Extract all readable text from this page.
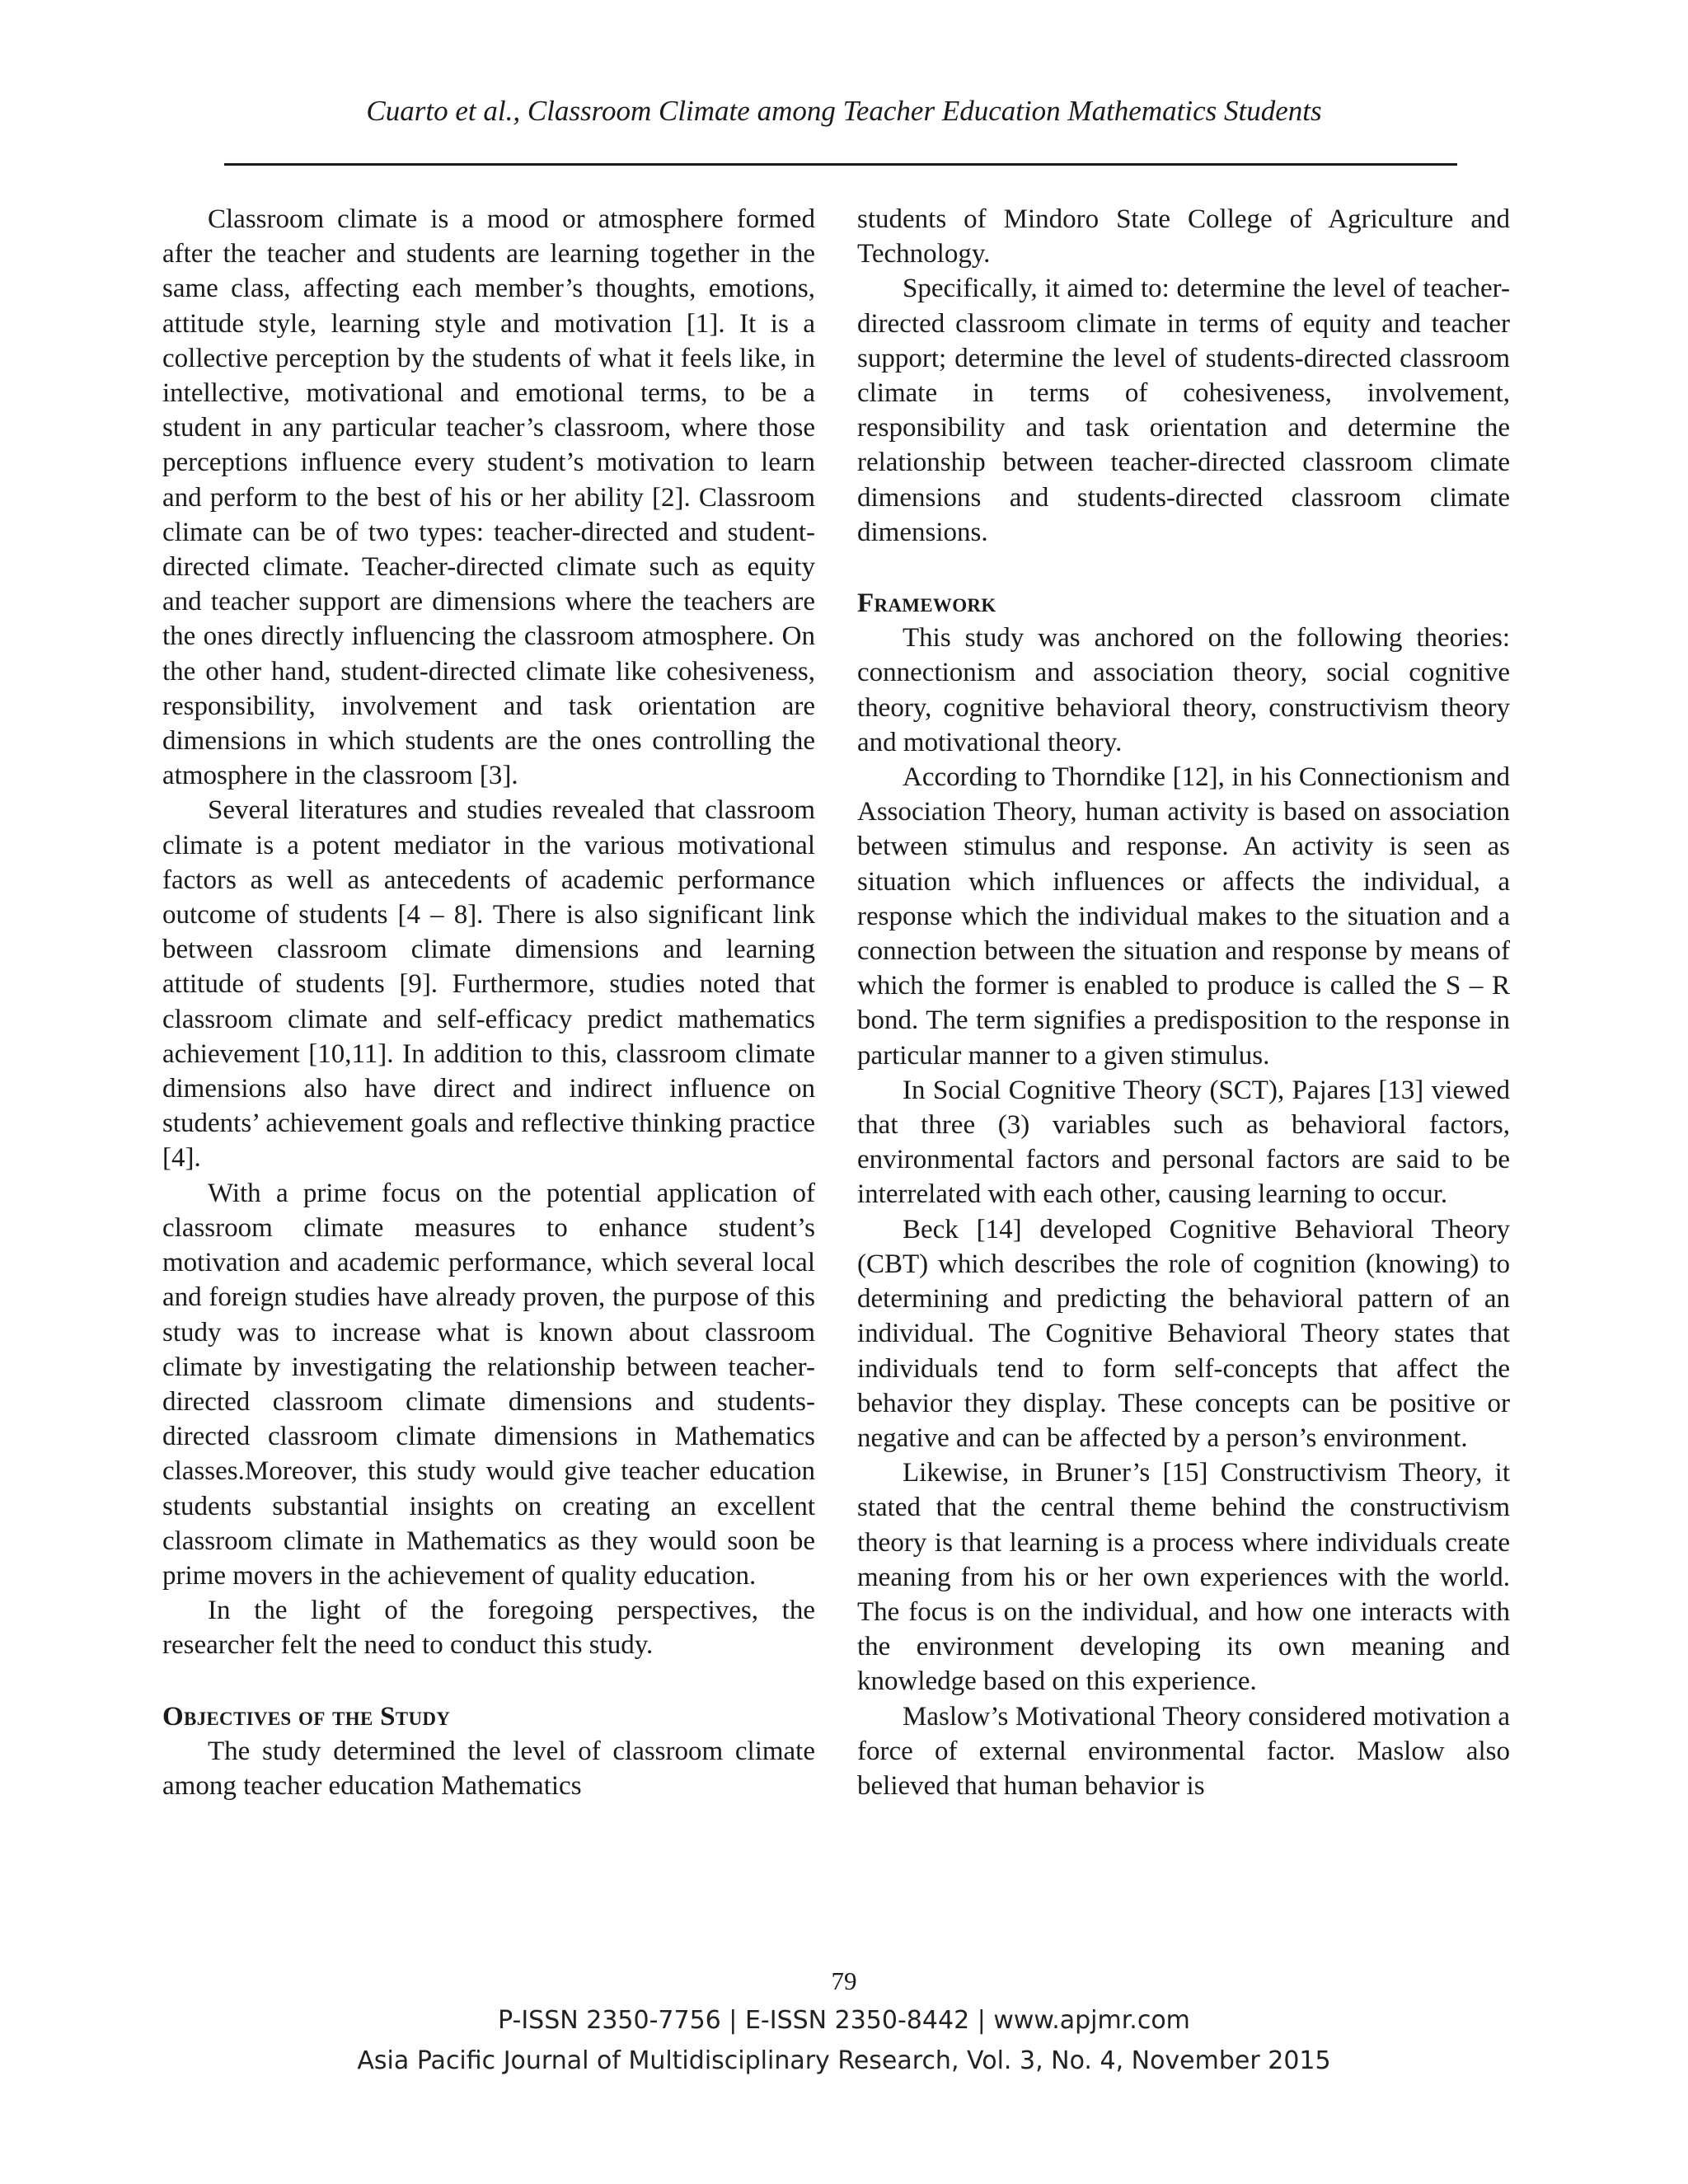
Cuarto et al., Classroom Climate among Teacher Education Mathematics Students

Classroom climate is a mood or atmosphere formed after the teacher and students are learning together in the same class, affecting each member’s thoughts, emotions, attitude style, learning style and motivation [1]. It is a collective perception by the students of what it feels like, in intellective, motivational and emotional terms, to be a student in any particular teacher’s classroom, where those perceptions influence every student’s motivation to learn and perform to the best of his or her ability [2]. Classroom climate can be of two types: teacher-directed and student-directed climate. Teacher-directed climate such as equity and teacher support are dimensions where the teachers are the ones directly influencing the classroom atmosphere. On the other hand, student-directed climate like cohesiveness, responsibility, involvement and task orientation are dimensions in which students are the ones controlling the atmosphere in the classroom [3].

Several literatures and studies revealed that classroom climate is a potent mediator in the various motivational factors as well as antecedents of academic performance outcome of students [4 – 8]. There is also significant link between classroom climate dimensions and learning attitude of students [9]. Furthermore, studies noted that classroom climate and self-efficacy predict mathematics achievement [10,11]. In addition to this, classroom climate dimensions also have direct and indirect influence on students’ achievement goals and reflective thinking practice [4].

With a prime focus on the potential application of classroom climate measures to enhance student’s motivation and academic performance, which several local and foreign studies have already proven, the purpose of this study was to increase what is known about classroom climate by investigating the relationship between teacher-directed classroom climate dimensions and students-directed classroom climate dimensions in Mathematics classes.Moreover, this study would give teacher education students substantial insights on creating an excellent classroom climate in Mathematics as they would soon be prime movers in the achievement of quality education.

In the light of the foregoing perspectives, the researcher felt the need to conduct this study.

Objectives of the Study

The study determined the level of classroom climate among teacher education Mathematics

students of Mindoro State College of Agriculture and Technology.

Specifically, it aimed to: determine the level of teacher-directed classroom climate in terms of equity and teacher support; determine the level of students-directed classroom climate in terms of cohesiveness, involvement, responsibility and task orientation and determine the relationship between teacher-directed classroom climate dimensions and students-directed classroom climate dimensions.

Framework

This study was anchored on the following theories: connectionism and association theory, social cognitive theory, cognitive behavioral theory, constructivism theory and motivational theory.

According to Thorndike [12], in his Connectionism and Association Theory, human activity is based on association between stimulus and response. An activity is seen as situation which influences or affects the individual, a response which the individual makes to the situation and a connection between the situation and response by means of which the former is enabled to produce is called the S – R bond. The term signifies a predisposition to the response in particular manner to a given stimulus.

In Social Cognitive Theory (SCT), Pajares [13] viewed that three (3) variables such as behavioral factors, environmental factors and personal factors are said to be interrelated with each other, causing learning to occur.

Beck [14] developed Cognitive Behavioral Theory (CBT) which describes the role of cognition (knowing) to determining and predicting the behavioral pattern of an individual. The Cognitive Behavioral Theory states that individuals tend to form self-concepts that affect the behavior they display. These concepts can be positive or negative and can be affected by a person’s environment.

Likewise, in Bruner’s [15] Constructivism Theory, it stated that the central theme behind the constructivism theory is that learning is a process where individuals create meaning from his or her own experiences with the world. The focus is on the individual, and how one interacts with the environment developing its own meaning and knowledge based on this experience.

Maslow’s Motivational Theory considered motivation a force of external environmental factor. Maslow also believed that human behavior is

79
P-ISSN 2350-7756 | E-ISSN 2350-8442 | www.apjmr.com
Asia Pacific Journal of Multidisciplinary Research, Vol. 3, No. 4, November 2015
